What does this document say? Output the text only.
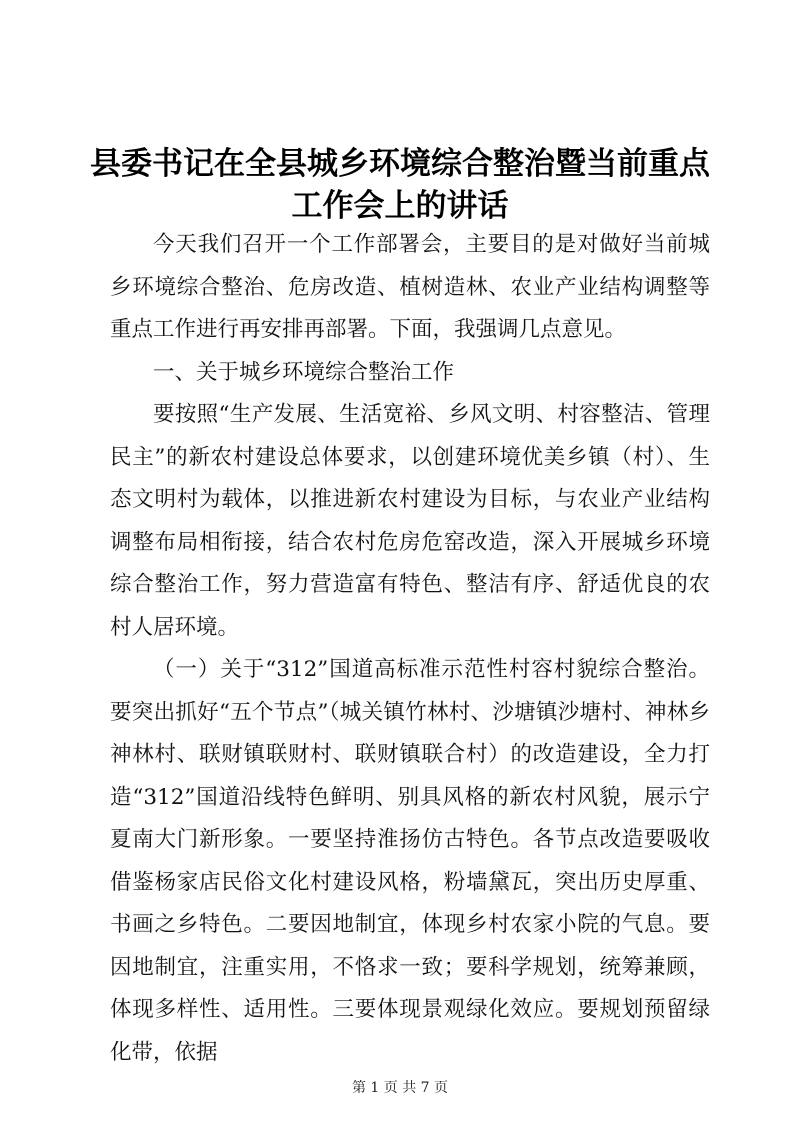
县委书记在全县城乡环境综合整治暨当前重点
工作会上的讲话

今天我们召开一个工作部署会，主要目的是对做好当前城乡环境综合整治、危房改造、植树造林、农业产业结构调整等重点工作进行再安排再部署。下面，我强调几点意见。

一、关于城乡环境综合整治工作

要按照“生产发展、生活宽裕、乡风文明、村容整洁、管理民主”的新农村建设总体要求，以创建环境优美乡镇（村）、生态文明村为载体，以推进新农村建设为目标，与农业产业结构调整布局相衔接，结合农村危房危窑改造，深入开展城乡环境综合整治工作，努力营造富有特色、整洁有序、舒适优良的农村人居环境。

（一）关于“312”国道高标准示范性村容村貌综合整治。要突出抓好“五个节点”（城关镇竹林村、沙塘镇沙塘村、神林乡神林村、联财镇联财村、联财镇联合村）的改造建设，全力打造“312”国道沿线特色鲜明、别具风格的新农村风貌，展示宁夏南大门新形象。一要坚持淮扬仿古特色。各节点改造要吸收借鉴杨家店民俗文化村建设风格，粉墙黛瓦，突出历史厚重、书画之乡特色。二要因地制宜，体现乡村农家小院的气息。要因地制宜，注重实用，不恪求一致；要科学规划，统筹兼顾，体现多样性、适用性。三要体现景观绿化效应。要规划预留绿化带，依据

第 1 页 共 7 页
